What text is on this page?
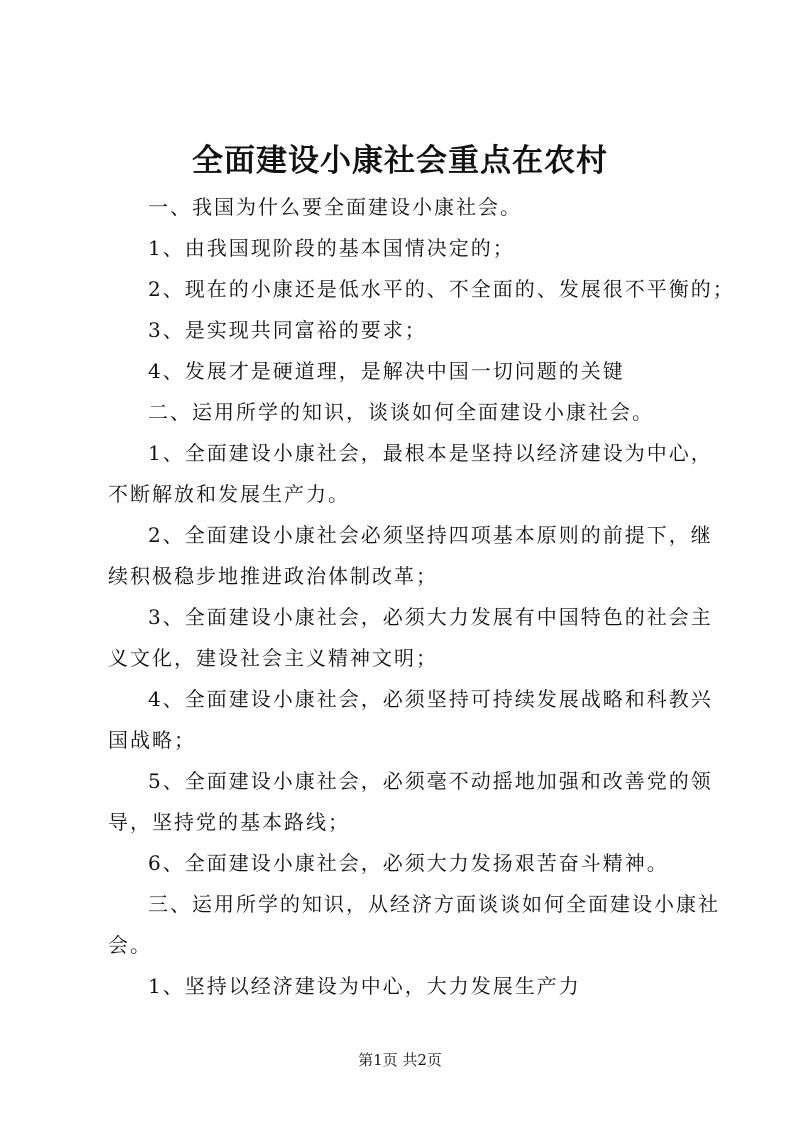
全面建设小康社会重点在农村
一、我国为什么要全面建设小康社会。
1、由我国现阶段的基本国情决定的；
2、现在的小康还是低水平的、不全面的、发展很不平衡的；
3、是实现共同富裕的要求；
4、发展才是硬道理，是解决中国一切问题的关键
二、运用所学的知识，谈谈如何全面建设小康社会。
1、全面建设小康社会，最根本是坚持以经济建设为中心，
不断解放和发展生产力。
2、全面建设小康社会必须坚持四项基本原则的前提下，继
续积极稳步地推进政治体制改革；
3、全面建设小康社会，必须大力发展有中国特色的社会主
义文化，建设社会主义精神文明；
4、全面建设小康社会，必须坚持可持续发展战略和科教兴
国战略；
5、全面建设小康社会，必须毫不动摇地加强和改善党的领
导，坚持党的基本路线；
6、全面建设小康社会，必须大力发扬艰苦奋斗精神。
三、运用所学的知识，从经济方面谈谈如何全面建设小康社
会。
1、坚持以经济建设为中心，大力发展生产力
第1页 共2页
